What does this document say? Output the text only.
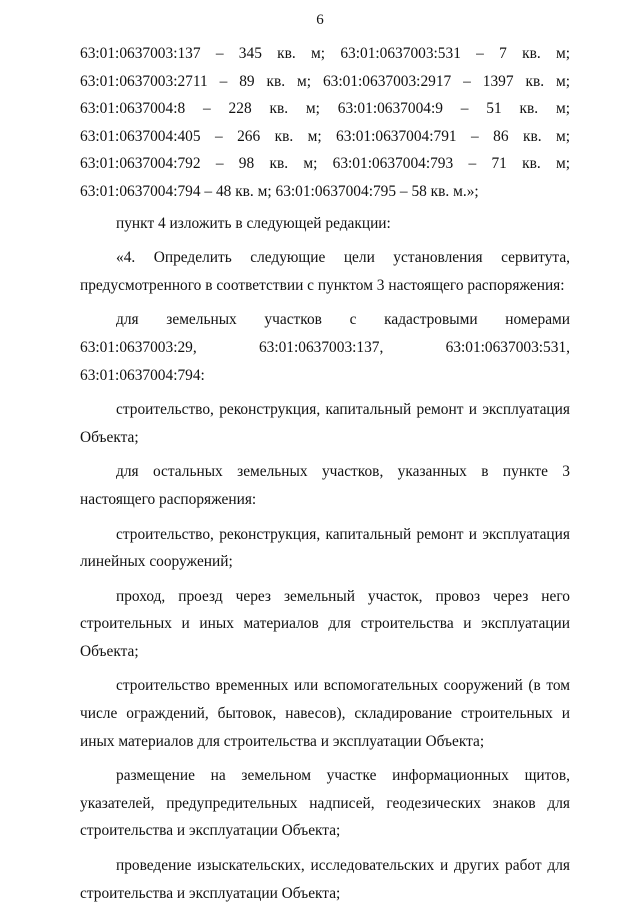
6
63:01:0637003:137 – 345 кв. м; 63:01:0637003:531 – 7 кв. м;
63:01:0637003:2711 – 89 кв. м; 63:01:0637003:2917 – 1397 кв. м;
63:01:0637004:8 – 228 кв. м; 63:01:0637004:9 – 51 кв. м;
63:01:0637004:405 – 266 кв. м; 63:01:0637004:791 – 86 кв. м;
63:01:0637004:792 – 98 кв. м; 63:01:0637004:793 – 71 кв. м;
63:01:0637004:794 – 48 кв. м; 63:01:0637004:795 – 58 кв. м.»;

пункт 4 изложить в следующей редакции:

«4. Определить следующие цели установления сервитута, предусмотренного в соответствии с пунктом 3 настоящего распоряжения:

для земельных участков с кадастровыми номерами 63:01:0637003:29, 63:01:0637003:137, 63:01:0637003:531, 63:01:0637004:794:

строительство, реконструкция, капитальный ремонт и эксплуатация Объекта;

для остальных земельных участков, указанных в пункте 3 настоящего распоряжения:

строительство, реконструкция, капитальный ремонт и эксплуатация линейных сооружений;

проход, проезд через земельный участок, провоз через него строительных и иных материалов для строительства и эксплуатации Объекта;

строительство временных или вспомогательных сооружений (в том числе ограждений, бытовок, навесов), складирование строительных и иных материалов для строительства и эксплуатации Объекта;

размещение на земельном участке информационных щитов, указателей, предупредительных надписей, геодезических знаков для строительства и эксплуатации Объекта;

проведение изыскательских, исследовательских и других работ для строительства и эксплуатации Объекта;
